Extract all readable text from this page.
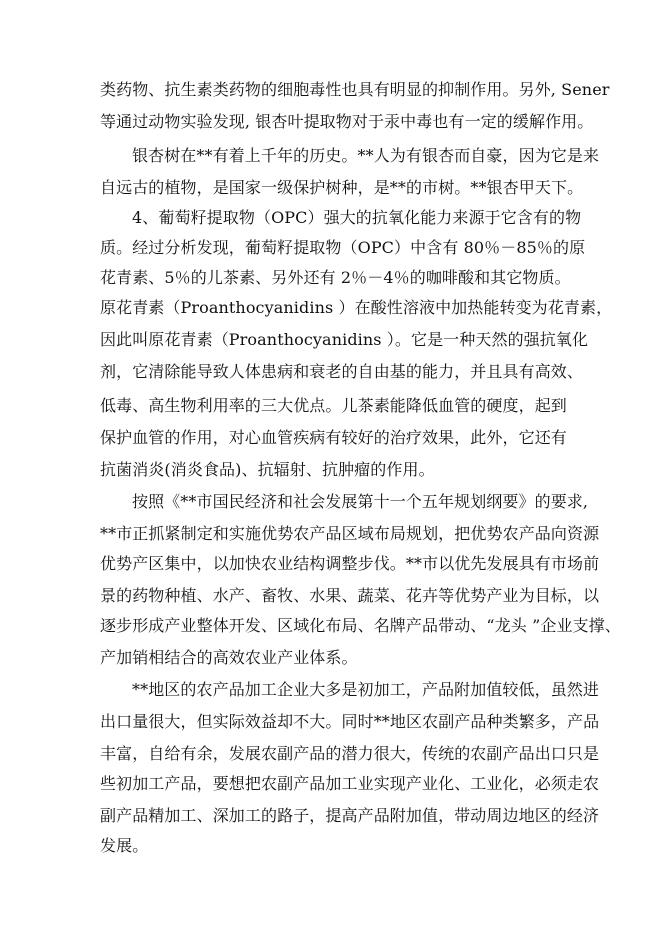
类药物、抗生素类药物的细胞毒性也具有明显的抑制作用。另外, Sener
等通过动物实验发现, 银杏叶提取物对于汞中毒也有一定的缓解作用。
银杏树在**有着上千年的历史。**人为有银杏而自豪，因为它是来
自远古的植物，是国家一级保护树种，是**的市树。**银杏甲天下。
4、葡萄籽提取物（OPC）强大的抗氧化能力来源于它含有的物
质。经过分析发现，葡萄籽提取物（OPC）中含有 80％－85％的原
花青素、5％的儿茶素、另外还有 2％－4％的咖啡酸和其它物质。
原花青素（Proanthocyanidins ）在酸性溶液中加热能转变为花青素，
因此叫原花青素（Proanthocyanidins ）。它是一种天然的强抗氧化
剂，它清除能导致人体患病和衰老的自由基的能力，并且具有高效、
低毒、高生物利用率的三大优点。儿茶素能降低血管的硬度，起到
保护血管的作用，对心血管疾病有较好的治疗效果，此外，它还有
抗菌消炎(消炎食品)、抗辐射、抗肿瘤的作用。
按照《**市国民经济和社会发展第十一个五年规划纲要》的要求,
**市正抓紧制定和实施优势农产品区域布局规划，把优势农产品向资源
优势产区集中，以加快农业结构调整步伐。**市以优先发展具有市场前
景的药物种植、水产、畜牧、水果、蔬菜、花卉等优势产业为目标，以
逐步形成产业整体开发、区域化布局、名牌产品带动、“龙头 ”企业支撑、
产加销相结合的高效农业产业体系。
**地区的农产品加工企业大多是初加工，产品附加值较低，虽然进
出口量很大，但实际效益却不大。同时**地区农副产品种类繁多，产品
丰富，自给有余，发展农副产品的潜力很大，传统的农副产品出口只是
些初加工产品，要想把农副产品加工业实现产业化、工业化，必须走农
副产品精加工、深加工的路子，提高产品附加值，带动周边地区的经济
发展。
